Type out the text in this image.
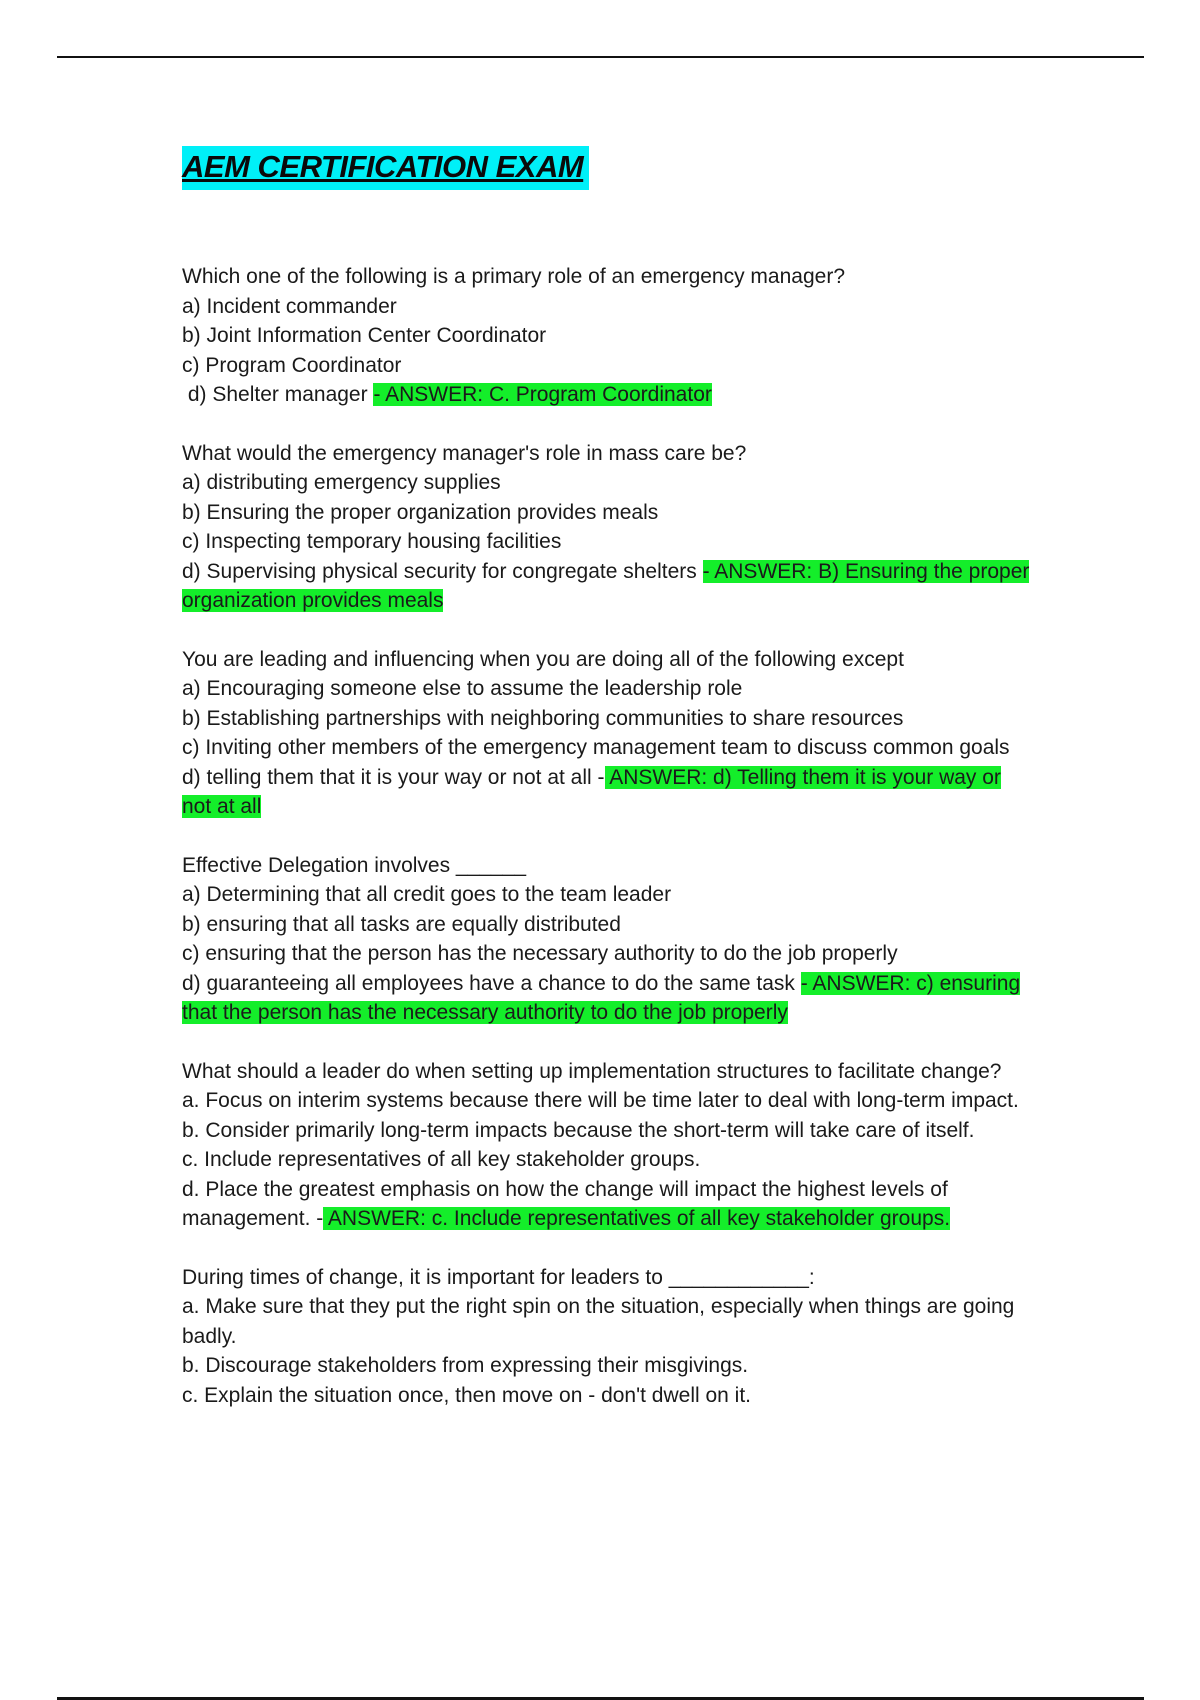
AEM CERTIFICATION EXAM
Which one of the following is a primary role of an emergency manager?
a) Incident commander
b) Joint Information Center Coordinator
c) Program Coordinator
d) Shelter manager - ANSWER: C. Program Coordinator
What would the emergency manager's role in mass care be?
a) distributing emergency supplies
b) Ensuring the proper organization provides meals
c) Inspecting temporary housing facilities
d) Supervising physical security for congregate shelters - ANSWER: B) Ensuring the proper organization provides meals
You are leading and influencing when you are doing all of the following except
a) Encouraging someone else to assume the leadership role
b) Establishing partnerships with neighboring communities to share resources
c) Inviting other members of the emergency management team to discuss common goals
d) telling them that it is your way or not at all - ANSWER: d) Telling them it is your way or not at all
Effective Delegation involves ______
a) Determining that all credit goes to the team leader
b) ensuring that all tasks are equally distributed
c) ensuring that the person has the necessary authority to do the job properly
d) guaranteeing all employees have a chance to do the same task - ANSWER: c) ensuring that the person has the necessary authority to do the job properly
What should a leader do when setting up implementation structures to facilitate change?
a. Focus on interim systems because there will be time later to deal with long-term impact.
b. Consider primarily long-term impacts because the short-term will take care of itself.
c. Include representatives of all key stakeholder groups.
d. Place the greatest emphasis on how the change will impact the highest levels of management. - ANSWER: c. Include representatives of all key stakeholder groups.
During times of change, it is important for leaders to ____________:
a. Make sure that they put the right spin on the situation, especially when things are going badly.
b. Discourage stakeholders from expressing their misgivings.
c. Explain the situation once, then move on - don't dwell on it.
